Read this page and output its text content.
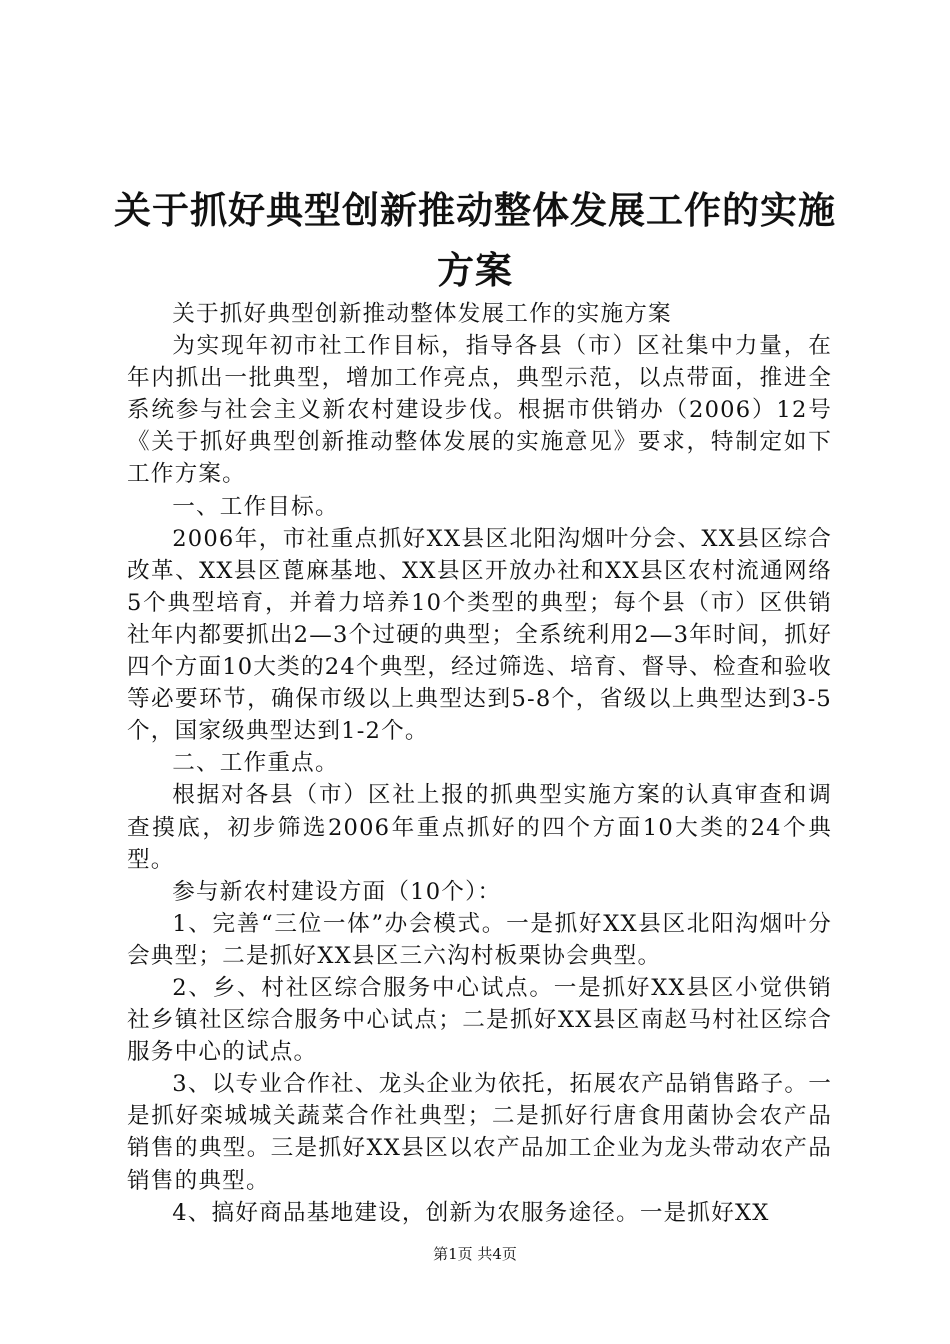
关于抓好典型创新推动整体发展工作的实施方案

关于抓好典型创新推动整体发展工作的实施方案

为实现年初市社工作目标，指导各县（市）区社集中力量，在年内抓出一批典型，增加工作亮点，典型示范，以点带面，推进全系统参与社会主义新农村建设步伐。根据市供销办（2006）12号《关于抓好典型创新推动整体发展的实施意见》要求，特制定如下工作方案。

一、工作目标。

2006年，市社重点抓好XX县区北阳沟烟叶分会、XX县区综合改革、XX县区蓖麻基地、XX县区开放办社和XX县区农村流通网络5个典型培育，并着力培养10个类型的典型；每个县（市）区供销社年内都要抓出2—3个过硬的典型；全系统利用2—3年时间，抓好四个方面10大类的24个典型，经过筛选、培育、督导、检查和验收等必要环节，确保市级以上典型达到5-8个，省级以上典型达到3-5个，国家级典型达到1-2个。

二、工作重点。

根据对各县（市）区社上报的抓典型实施方案的认真审查和调查摸底，初步筛选2006年重点抓好的四个方面10大类的24个典型。

参与新农村建设方面（10个）：

1、完善“三位一体”办会模式。一是抓好XX县区北阳沟烟叶分会典型；二是抓好XX县区三六沟村板栗协会典型。

2、乡、村社区综合服务中心试点。一是抓好XX县区小觉供销社乡镇社区综合服务中心试点；二是抓好XX县区南赵马村社区综合服务中心的试点。

3、以专业合作社、龙头企业为依托，拓展农产品销售路子。一是抓好栾城城关蔬菜合作社典型；二是抓好行唐食用菌协会农产品销售的典型。三是抓好XX县区以农产品加工企业为龙头带动农产品销售的典型。

4、搞好商品基地建设，创新为农服务途径。一是抓好XX

第1页 共4页
